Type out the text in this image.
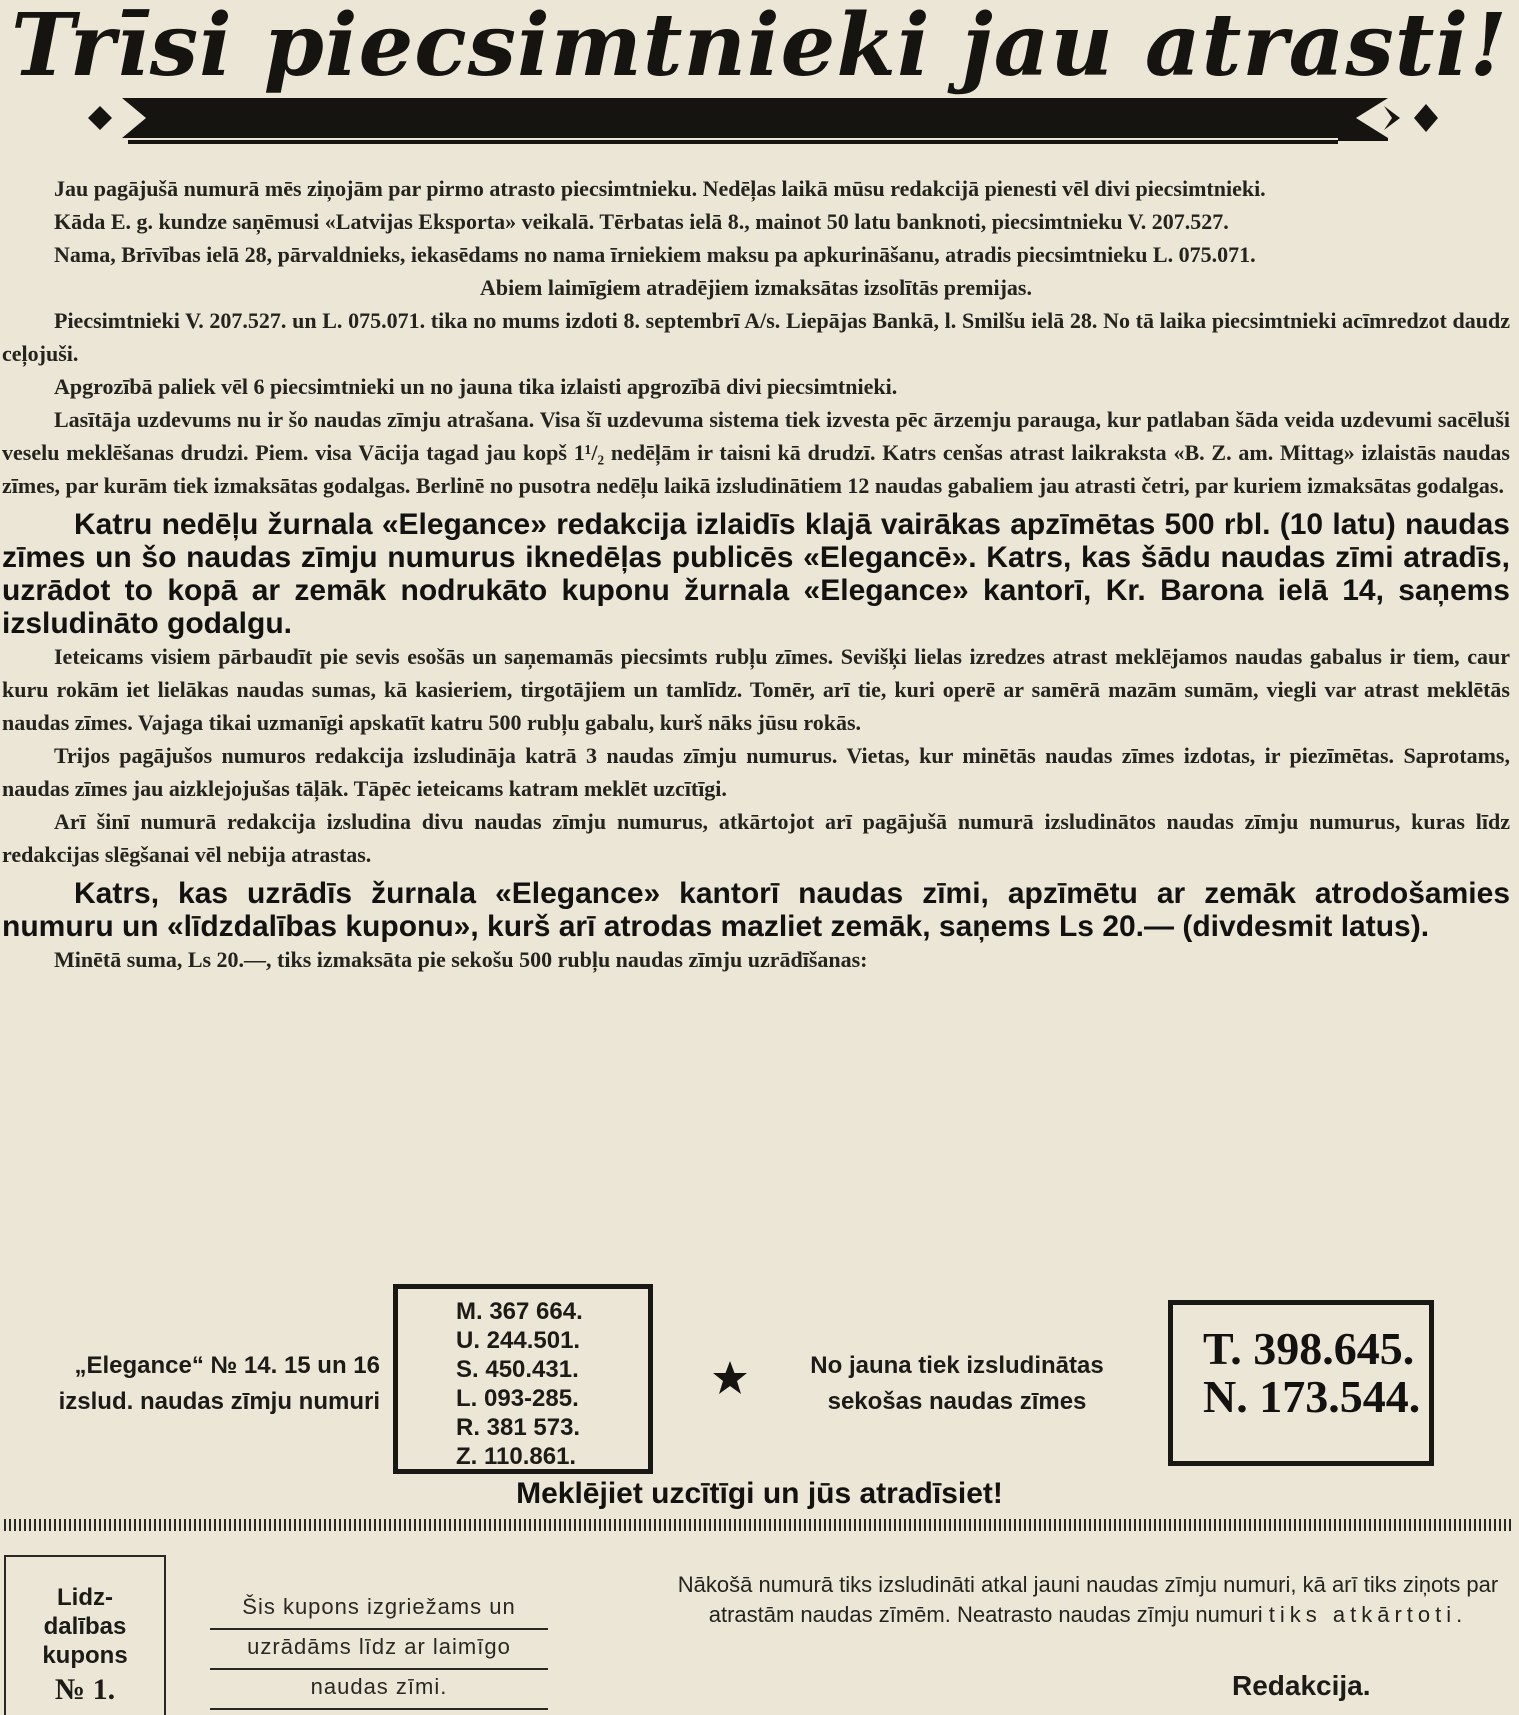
Trīsi piecsimtnieki jau atrasti!

Jau pagājušā numurā mēs ziņojām par pirmo atrasto piecsimtnieku. Nedēļas laikā mūsu redakcijā pienesti vēl divi piecsimtnieki.

Kāda E. g. kundze saņēmusi «Latvijas Eksporta» veikalā. Tērbatas ielā 8., mainot 50 latu banknoti, piecsimtnieku V. 207.527.

Nama, Brīvības ielā 28, pārvaldnieks, iekasēdams no nama īrniekiem maksu pa apkurināšanu, atradis piecsimtnieku L. 075.071.

Abiem laimīgiem atradējiem izmaksātas izsolītās premijas.

Piecsimtnieki V. 207.527. un L. 075.071. tika no mums izdoti 8. septembrī A/s. Liepājas Bankā, l. Smilšu ielā 28. No tā laika piecsimtnieki acīmredzot daudz ceļojuši.

Apgrozībā paliek vēl 6 piecsimtnieki un no jauna tika izlaisti apgrozībā divi piecsimtnieki.

Lasītāja uzdevums nu ir šo naudas zīmju atrašana. Visa šī uzdevuma sistema tiek izvesta pēc ārzemju parauga, kur patlaban šāda veida uzdevumi sacēluši veselu meklēšanas drudzi. Piem. visa Vācija tagad jau kopš 1¹/₂ nedēļām ir taisni kā drudzī. Katrs cenšas atrast laikraksta «B. Z. am. Mittag» izlaistās naudas zīmes, par kurām tiek izmaksātas godalgas. Berlinē no pusotra nedēļu laikā izsludinātiem 12 naudas gabaliem jau atrasti četri, par kuriem izmaksātas godalgas.

Katru nedēļu žurnala «Elegance» redakcija izlaidīs klajā vairākas apzīmētas 500 rbl. (10 latu) naudas zīmes un šo naudas zīmju numurus iknedēļas publicēs «Elegancē». Katrs, kas šādu naudas zīmi atradīs, uzrādot to kopā ar zemāk nodrukāto kuponu žurnala «Elegance» kantorī, Kr. Barona ielā 14, saņems izsludināto godalgu.

Ieteicams visiem pārbaudīt pie sevis esošās un saņemamās piecsimts rubļu zīmes. Sevišķi lielas izredzes atrast meklējamos naudas gabalus ir tiem, caur kuru rokām iet lielākas naudas sumas, kā kasieriem, tirgotājiem un tamlīdz. Tomēr, arī tie, kuri operē ar samērā mazām sumām, viegli var atrast meklētās naudas zīmes. Vajaga tikai uzmanīgi apskatīt katru 500 rubļu gabalu, kurš nāks jūsu rokās.

Trijos pagājušos numuros redakcija izsludināja katrā 3 naudas zīmju numurus. Vietas, kur minētās naudas zīmes izdotas, ir piezīmētas. Saprotams, naudas zīmes jau aizklejojušas tāļāk. Tāpēc ieteicams katram meklēt uzcītīgi.

Arī šinī numurā redakcija izsludina divu naudas zīmju numurus, atkārtojot arī pagājušā numurā izsludinātos naudas zīmju numurus, kuras līdz redakcijas slēgšanai vēl nebija atrastas.

Katrs, kas uzrādīs žurnala «Elegance» kantorī naudas zīmi, apzīmētu ar zemāk atrodošamies numuru un «līdzdalības kuponu», kurš arī atrodas mazliet zemāk, saņems Ls 20.— (divdesmit latus).

Minētā suma, Ls 20.—, tiks izmaksāta pie sekošu 500 rubļu naudas zīmju uzrādīšanas:

„Elegance“ № 14. 15 un 16 izslud. naudas zīmju numuri
M. 367 664.
U. 244.501.
S. 450.431.
L. 093-285.
R. 381 573.
Z. 110.861.
No jauna tiek izsludinātas sekošas naudas zīmes
T. 398.645.
N. 173.544.
Meklējiet uzcītīgi un jūs atradīsiet!
Lidz-
dalības
kupons
№ 1.
Šis kupons izgriežams un
uzrādāms līdz ar laimīgo
naudas zīmi.
Nākošā numurā tiks izsludināti atkal jauni naudas zīmju numuri, kā arī tiks ziņots par atrastām naudas zīmēm. Neatrasto naudas zīmju numuri tiks atkārtoti.
Redakcija.
